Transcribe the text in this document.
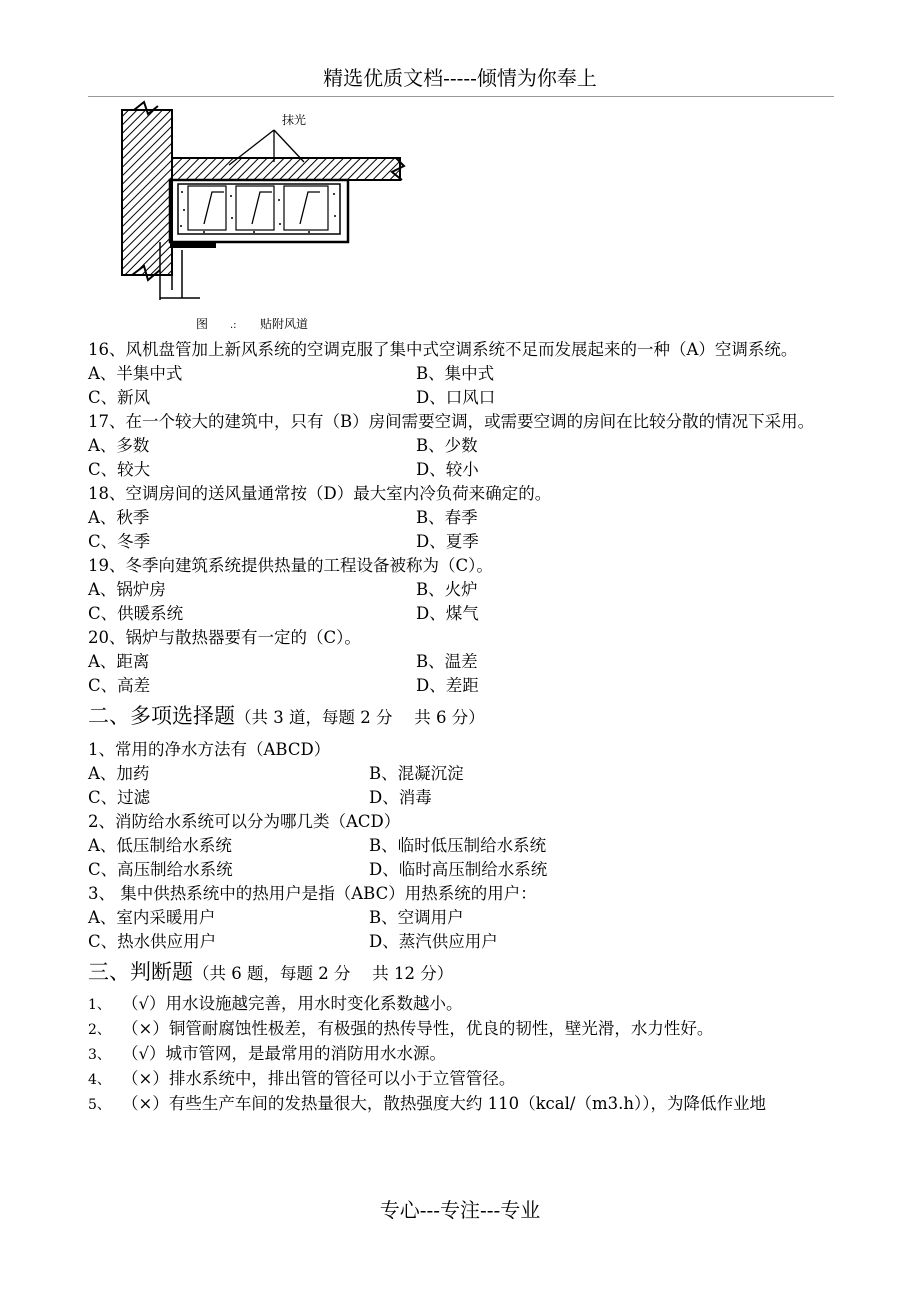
精选优质文档-----倾情为你奉上
抹光
图 .: 贴附风道
16、风机盘管加上新风系统的空调克服了集中式空调系统不足而发展起来的一种（A）空调系统。
A、半集中式	B、集中式
C、新风	D、口风口
17、在一个较大的建筑中，只有（B）房间需要空调，或需要空调的房间在比较分散的情况下采用。
A、多数	B、少数
C、较大	D、较小
18、空调房间的送风量通常按（D）最大室内冷负荷来确定的。
A、秋季	B、春季
C、冬季	D、夏季
19、冬季向建筑系统提供热量的工程设备被称为（C）。
A、锅炉房	B、火炉
C、供暖系统	D、煤气
20、锅炉与散热器要有一定的（C）。
A、距离	B、温差
C、高差	D、差距
二、多项选择题（共 3 道，每题 2 分　 共 6 分）
1、常用的净水方法有（ABCD）
A、加药	B、混凝沉淀
C、过滤	D、消毒
2、消防给水系统可以分为哪几类（ACD）
A、低压制给水系统	B、临时低压制给水系统
C、高压制给水系统	D、临时高压制给水系统
3、 集中供热系统中的热用户是指（ABC）用热系统的用户：
A、室内采暖用户	B、空调用户
C、热水供应用户	D、蒸汽供应用户
三、判断题（共 6 题，每题 2 分　 共 12 分）
1、 （√）用水设施越完善，用水时变化系数越小。
2、 （×）铜管耐腐蚀性极差，有极强的热传导性，优良的韧性，壁光滑，水力性好。
3、 （√）城市管网，是最常用的消防用水水源。
4、 （×）排水系统中，排出管的管径可以小于立管管径。
5、 （×）有些生产车间的发热量很大，散热强度大约 110（kcal/（m3.h）），为降低作业地
专心---专注---专业
